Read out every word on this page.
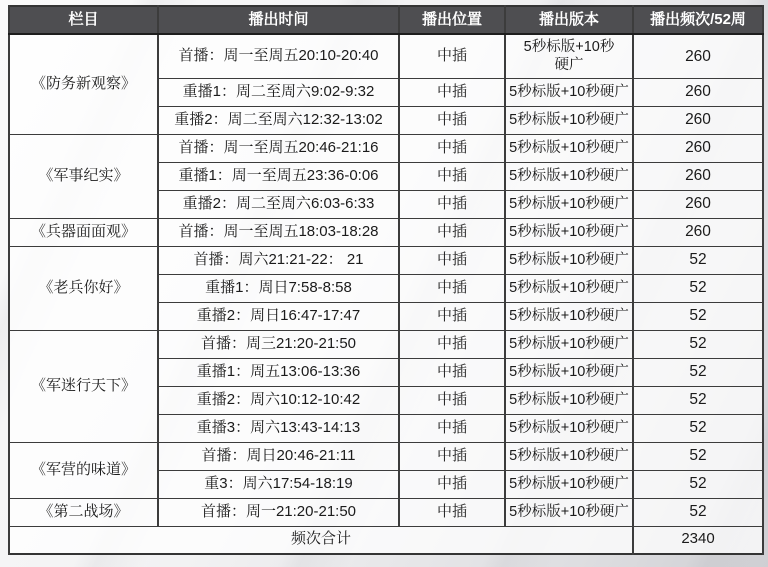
栏目	播出时间	播出位置	播出版本	播出频次/52周
《防务新观察》	首播：周一至周五20:10-20:40	中插	5秒标版+10秒硬广	260
	重播1：周二至周六9:02-9:32	中插	5秒标版+10秒硬广	260
	重播2：周二至周六12:32-13:02	中插	5秒标版+10秒硬广	260
《军事纪实》	首播：周一至周五20:46-21:16	中插	5秒标版+10秒硬广	260
	重播1：周一至周五23:36-0:06	中插	5秒标版+10秒硬广	260
	重播2：周二至周六6:03-6:33	中插	5秒标版+10秒硬广	260
《兵器面面观》	首播：周一至周五18:03-18:28	中插	5秒标版+10秒硬广	260
《老兵你好》	首播：周六21:21-22： 21	中插	5秒标版+10秒硬广	52
	重播1：周日7:58-8:58	中插	5秒标版+10秒硬广	52
	重播2：周日16:47-17:47	中插	5秒标版+10秒硬广	52
《军迷行天下》	首播：周三21:20-21:50	中插	5秒标版+10秒硬广	52
	重播1：周五13:06-13:36	中插	5秒标版+10秒硬广	52
	重播2：周六10:12-10:42	中插	5秒标版+10秒硬广	52
	重播3：周六13:43-14:13	中插	5秒标版+10秒硬广	52
《军营的味道》	首播：周日20:46-21:11	中插	5秒标版+10秒硬广	52
	重3：周六17:54-18:19	中插	5秒标版+10秒硬广	52
《第二战场》	首播：周一21:20-21:50	中插	5秒标版+10秒硬广	52
频次合计				2340
